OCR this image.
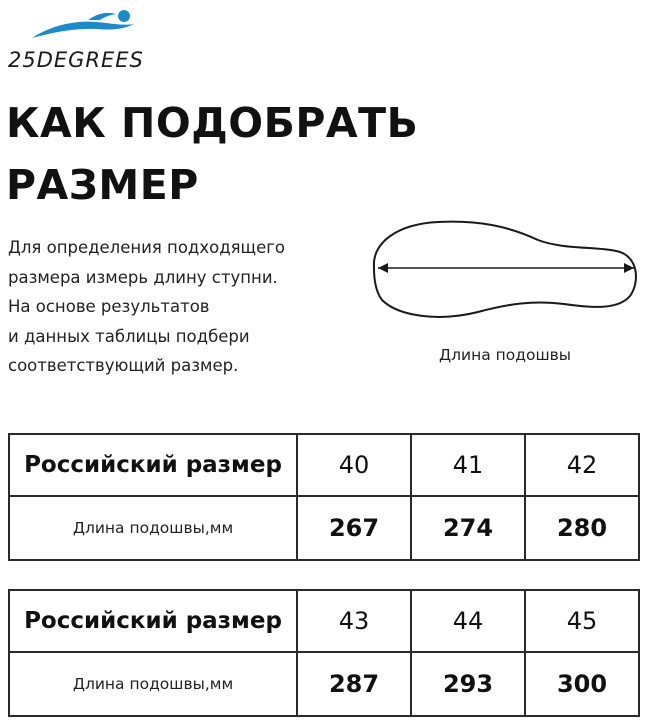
25DEGREES
КАК ПОДОБРАТЬ
РАЗМЕР
Для определения подходящего
размера измерь длину ступни.
На основе результатов
и данных таблицы подбери
соответствующий размер.
Длина подошвы
Российский размер	40	41	42
Длина подошвы,мм	267	274	280
Российский размер	43	44	45
Длина подошвы,мм	287	293	300
